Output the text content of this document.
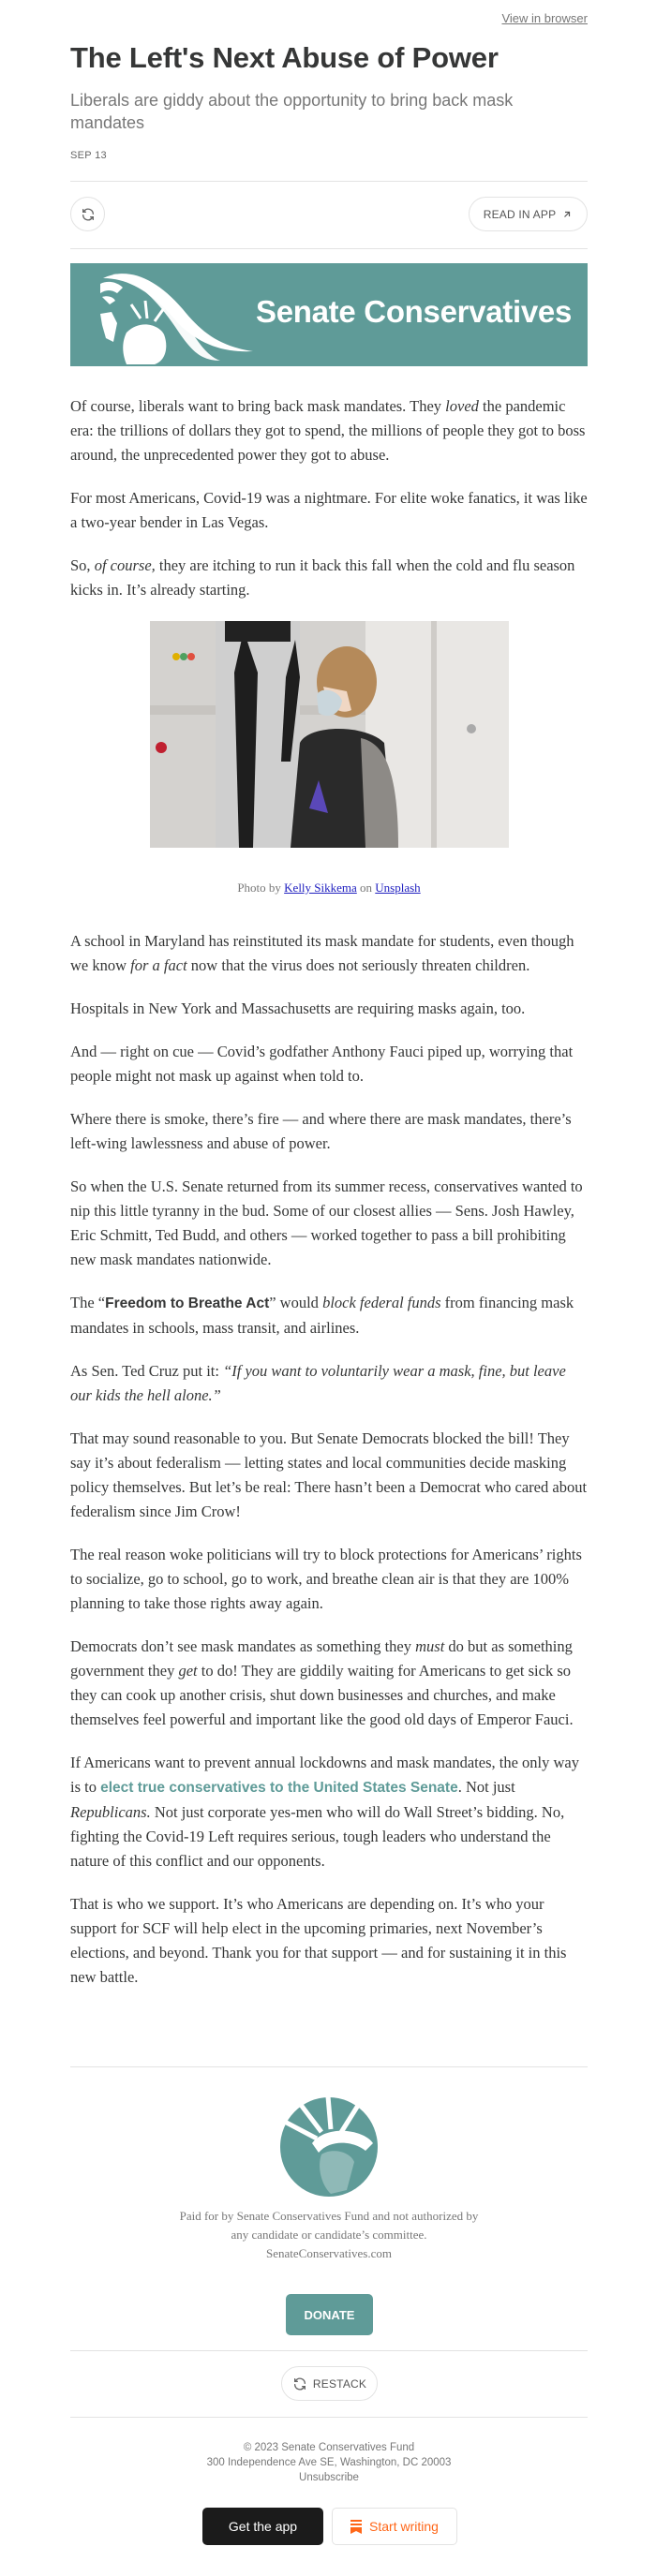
View in browser
The Left's Next Abuse of Power
Liberals are giddy about the opportunity to bring back mask mandates
SEP 13
READ IN APP
Senate Conservatives

Of course, liberals want to bring back mask mandates. They loved the pandemic era: the trillions of dollars they got to spend, the millions of people they got to boss around, the unprecedented power they got to abuse.

For most Americans, Covid-19 was a nightmare. For elite woke fanatics, it was like a two-year bender in Las Vegas.

So, of course, they are itching to run it back this fall when the cold and flu season kicks in. It’s already starting.

Photo by Kelly Sikkema on Unsplash

A school in Maryland has reinstituted its mask mandate for students, even though we know for a fact now that the virus does not seriously threaten children.

Hospitals in New York and Massachusetts are requiring masks again, too.

And — right on cue — Covid’s godfather Anthony Fauci piped up, worrying that people might not mask up against when told to.

Where there is smoke, there’s fire — and where there are mask mandates, there’s left-wing lawlessness and abuse of power.

So when the U.S. Senate returned from its summer recess, conservatives wanted to nip this little tyranny in the bud. Some of our closest allies — Sens. Josh Hawley, Eric Schmitt, Ted Budd, and others — worked together to pass a bill prohibiting new mask mandates nationwide.

The “Freedom to Breathe Act” would block federal funds from financing mask mandates in schools, mass transit, and airlines.

As Sen. Ted Cruz put it: “If you want to voluntarily wear a mask, fine, but leave our kids the hell alone.”

That may sound reasonable to you. But Senate Democrats blocked the bill! They say it’s about federalism — letting states and local communities decide masking policy themselves. But let’s be real: There hasn’t been a Democrat who cared about federalism since Jim Crow!

The real reason woke politicians will try to block protections for Americans’ rights to socialize, go to school, go to work, and breathe clean air is that they are 100% planning to take those rights away again.

Democrats don’t see mask mandates as something they must do but as something government they get to do! They are giddily waiting for Americans to get sick so they can cook up another crisis, shut down businesses and churches, and make themselves feel powerful and important like the good old days of Emperor Fauci.

If Americans want to prevent annual lockdowns and mask mandates, the only way is to elect true conservatives to the United States Senate. Not just Republicans. Not just corporate yes-men who will do Wall Street’s bidding. No, fighting the Covid-19 Left requires serious, tough leaders who understand the nature of this conflict and our opponents.

That is who we support. It’s who Americans are depending on. It’s who your support for SCF will help elect in the upcoming primaries, next November’s elections, and beyond. Thank you for that support — and for sustaining it in this new battle.

Paid for by Senate Conservatives Fund and not authorized by
any candidate or candidate’s committee.
SenateConservatives.com
DONATE
RESTACK
© 2023 Senate Conservatives Fund
300 Independence Ave SE, Washington, DC 20003
Unsubscribe
Get the app	Start writing
